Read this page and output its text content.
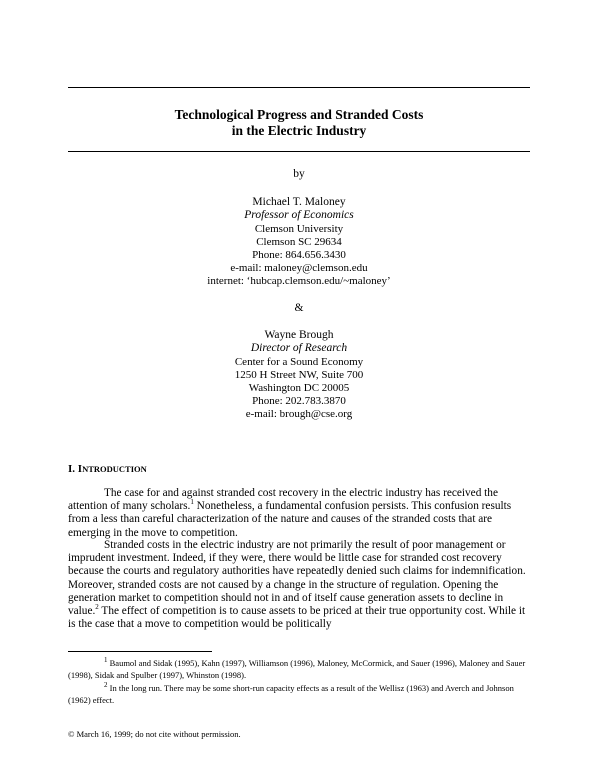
Technological Progress and Stranded Costs
in the Electric Industry
by
Michael T. Maloney
Professor of Economics
Clemson University
Clemson SC 29634
Phone: 864.656.3430
e-mail: maloney@clemson.edu
internet: ‘hubcap.clemson.edu/~maloney’
&
Wayne Brough
Director of Research
Center for a Sound Economy
1250 H Street NW, Suite 700
Washington DC 20005
Phone: 202.783.3870
e-mail: brough@cse.org
I. INTRODUCTION

The case for and against stranded cost recovery in the electric industry has received the attention of many scholars.$^1$ Nonetheless, a fundamental confusion persists. This confusion results from a less than careful characterization of the nature and causes of the stranded costs that are emerging in the move to competition.

Stranded costs in the electric industry are not primarily the result of poor management or imprudent investment. Indeed, if they were, there would be little case for stranded cost recovery because the courts and regulatory authorities have repeatedly denied such claims for indemnification. Moreover, stranded costs are not caused by a change in the structure of regulation. Opening the generation market to competition should not in and of itself cause generation assets to decline in value.$^2$ The effect of competition is to cause assets to be priced at their true opportunity cost. While it is the case that a move to competition would be politically

$^1$ Baumol and Sidak (1995), Kahn (1997), Williamson (1996), Maloney, McCormick, and Sauer (1996), Maloney and Sauer (1998), Sidak and Spulber (1997), Whinston (1998).

$^2$ In the long run. There may be some short-run capacity effects as a result of the Wellisz (1963) and Averch and Johnson (1962) effect.

© March 16, 1999; do not cite without permission.
